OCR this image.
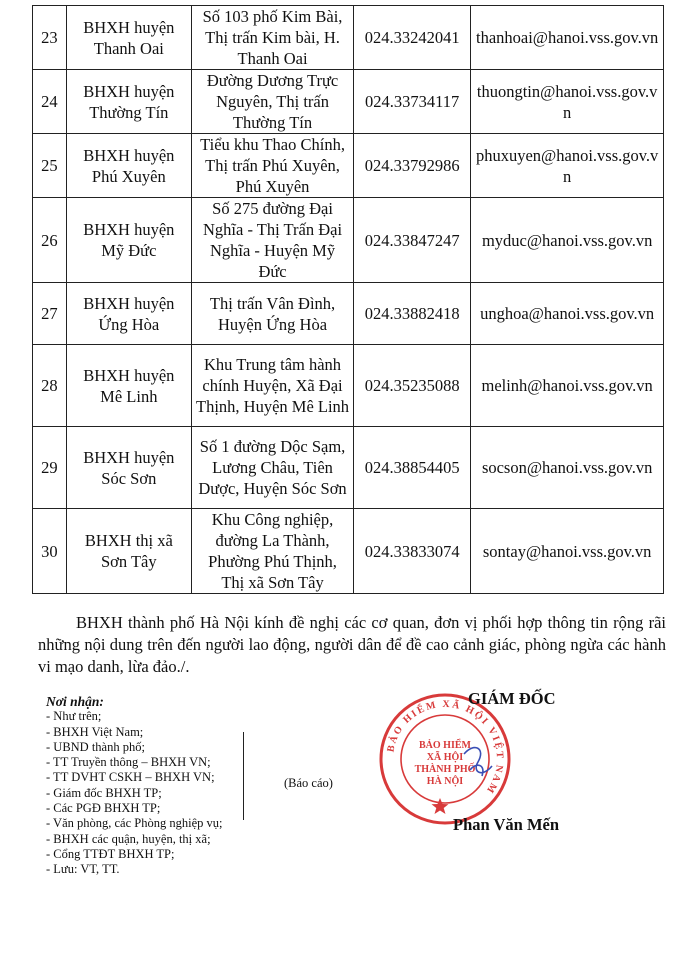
23	BHXH huyện Thanh Oai	Số 103 phố Kim Bài, Thị trấn Kim bài, H. Thanh Oai	024.33242041	thanhoai@hanoi.vss.gov.vn
24	BHXH huyện Thường Tín	Đường Dương Trực Nguyên, Thị trấn Thường Tín	024.33734117	thuongtin@hanoi.vss.gov.vn
25	BHXH huyện Phú Xuyên	Tiểu khu Thao Chính, Thị trấn Phú Xuyên, Phú Xuyên	024.33792986	phuxuyen@hanoi.vss.gov.vn
26	BHXH huyện Mỹ Đức	Số 275 đường Đại Nghĩa - Thị Trấn Đại Nghĩa - Huyện Mỹ Đức	024.33847247	myduc@hanoi.vss.gov.vn
27	BHXH huyện Ứng Hòa	Thị trấn Vân Đình, Huyện Ứng Hòa	024.33882418	unghoa@hanoi.vss.gov.vn
28	BHXH huyện Mê Linh	Khu Trung tâm hành chính Huyện, Xã Đại Thịnh, Huyện Mê Linh	024.35235088	melinh@hanoi.vss.gov.vn
29	BHXH huyện Sóc Sơn	Số 1 đường Dộc Sạm, Lương Châu, Tiên Dược, Huyện Sóc Sơn	024.38854405	socson@hanoi.vss.gov.vn
30	BHXH thị xã Sơn Tây	Khu Công nghiệp, đường La Thành, Phường Phú Thịnh, Thị xã Sơn Tây	024.33833074	sontay@hanoi.vss.gov.vn
BHXH thành phố Hà Nội kính đề nghị các cơ quan, đơn vị phối hợp thông tin rộng rãi những nội dung trên đến người lao động, người dân để đề cao cảnh giác, phòng ngừa các hành vi mạo danh, lừa đảo./.
Nơi nhận:
- Như trên;
- BHXH Việt Nam;
- UBND thành phố;
- TT Truyền thông – BHXH VN;
- TT DVHT CSKH – BHXH VN;
- Giám đốc BHXH TP;
- Các PGĐ BHXH TP;
- Văn phòng, các Phòng nghiệp vụ;
- BHXH các quận, huyện, thị xã;
- Cổng TTĐT BHXH TP;
- Lưu: VT, TT.
(Báo cáo)
BẢO HIỂM XÃ HỘI VIỆT NAM
BẢO HIỂM
XÃ HỘI
THÀNH PHỐ
HÀ NỘI
GIÁM ĐỐC
Phan Văn Mến
